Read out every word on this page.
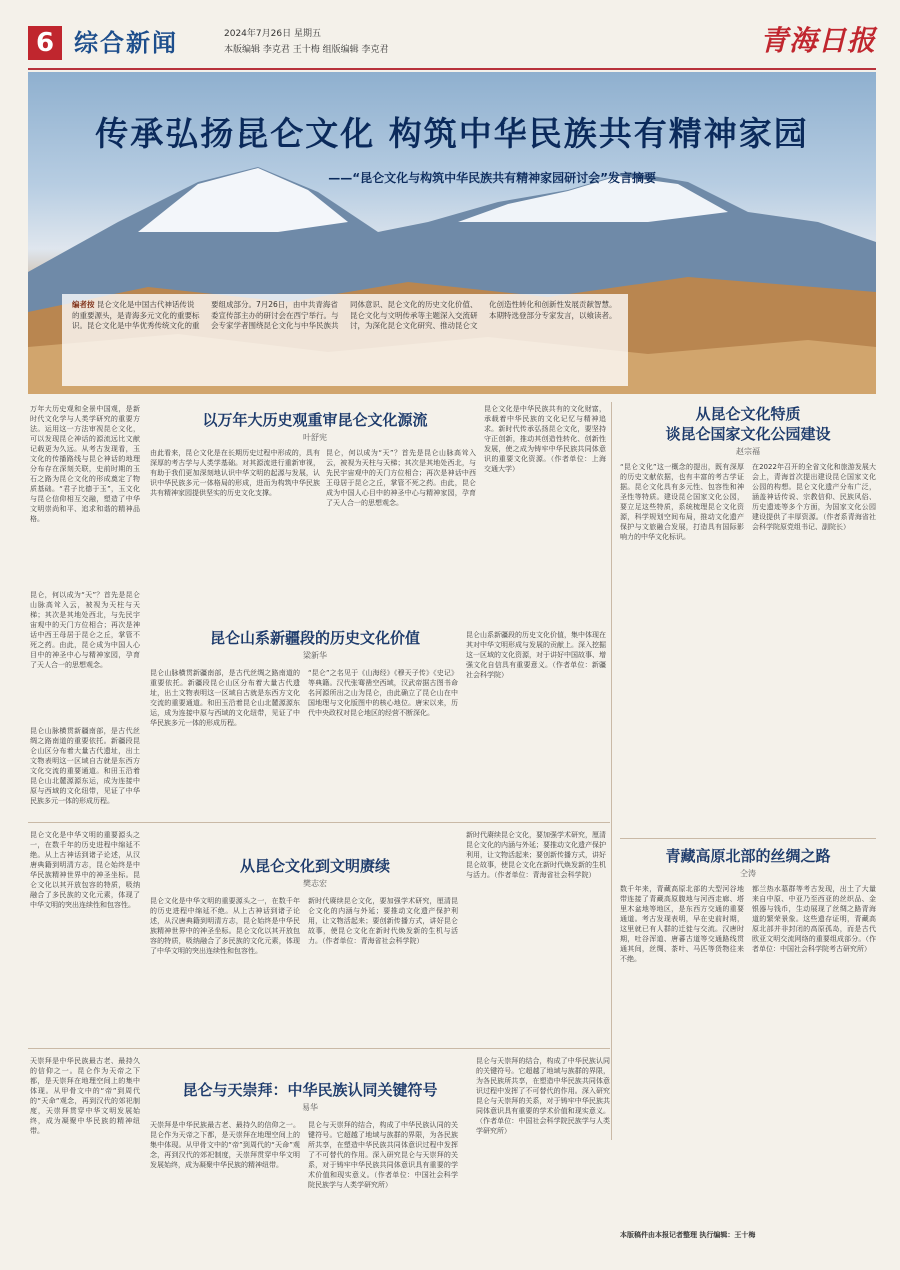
6 综合新闻	2024年7月26日 星期五
本版编辑 李克君 王十梅 组版编辑 李克君	青海日报
传承弘扬昆仑文化 构筑中华民族共有精神家园
——“昆仑文化与构筑中华民族共有精神家园研讨会”发言摘要
编者按 昆仑文化是中国古代神话传说的重要源头，是青海多元文化的重要标识。昆仑文化是中华优秀传统文化的重要组成部分。7月26日，由中共青海省委宣传部主办的研讨会在西宁举行。与会专家学者围绕昆仑文化与中华民族共同体意识、昆仑文化的历史文化价值、昆仑文化与文明传承等主题深入交流研讨，为深化昆仑文化研究、推动昆仑文化创造性转化和创新性发展贡献智慧。本期特选登部分专家发言，以飨读者。
万年大历史观和全景中国观，是新时代文化学与人类学研究的重要方法。运用这一方法审视昆仑文化，可以发现昆仑神话的源流远比文献记载更为久远。从考古发现看，玉文化的传播路线与昆仑神话的地理分布存在深刻关联，史前时期的玉石之路为昆仑文化的形成奠定了物质基础。“君子比德于玉”，玉文化与昆仑信仰相互交融，塑造了中华文明崇尚和平、追求和谐的精神品格。
以万年大历史观重审昆仑文化源流
叶舒宪
昆仑，何以成为“天”？首先是昆仑山脉高耸入云，被视为天柱与天梯；其次是其地处西北，与先民宇宙观中的天门方位相合；再次是神话中西王母居于昆仑之丘，掌管不死之药。由此，昆仑成为中国人心目中的神圣中心与精神家园，孕育了天人合一的思想观念。
由此看来，昆仑文化是在长期历史过程中形成的，具有深厚的考古学与人类学基础。对其源流进行重新审视，有助于我们更加深刻地认识中华文明的起源与发展，认识中华民族多元一体格局的形成，进而为构筑中华民族共有精神家园提供坚实的历史文化支撑。
昆仑，何以成为“天”？首先是昆仑山脉高耸入云，被视为天柱与天梯；其次是其地处西北，与先民宇宙观中的天门方位相合；再次是神话中西王母居于昆仑之丘，掌管不死之药。由此，昆仑成为中国人心目中的神圣中心与精神家园，孕育了天人合一的思想观念。
昆仑文化是中华民族共有的文化财富，承载着中华民族的文化记忆与精神追求。新时代传承弘扬昆仑文化，要坚持守正创新，推动其创造性转化、创新性发展，使之成为铸牢中华民族共同体意识的重要文化资源。（作者单位：上海交通大学）
从昆仑文化特质
谈昆仑国家文化公园建设
赵宗福
“昆仑文化”这一概念的提出，既有深厚的历史文献依据，也有丰富的考古学证据。昆仑文化具有多元性、包容性和神圣性等特质。建设昆仑国家文化公园，要立足这些特质，系统梳理昆仑文化资源，科学规划空间布局，推动文化遗产保护与文旅融合发展，打造具有国际影响力的中华文化标识。
在2022年召开的全省文化和旅游发展大会上，青海首次提出建设昆仑国家文化公园的构想。昆仑文化遗产分布广泛，涵盖神话传说、宗教信仰、民族风俗、历史遗迹等多个方面，为国家文化公园建设提供了丰厚资源。（作者系青海省社会科学院原党组书记、副院长）
昆仑山系新疆段的历史文化价值
梁新华
昆仑山脉横贯新疆南部，是古代丝绸之路南道的重要依托。新疆段昆仑山区分布着大量古代遗址，出土文物表明这一区域自古就是东西方文化交流的重要通道。和田玉沿着昆仑山北麓源源东运，成为连接中原与西域的文化纽带，见证了中华民族多元一体的形成历程。
“昆仑”之名见于《山海经》《穆天子传》《史记》等典籍。汉代张骞凿空西域，汉武帝据古图书命名河源所出之山为昆仑，由此确立了昆仑山在中国地理与文化版图中的核心地位。唐宋以来，历代中央政权对昆仑地区的经营不断深化。
昆仑山系新疆段的历史文化价值，集中体现在其对中华文明形成与发展的贡献上。深入挖掘这一区域的文化资源，对于讲好中国故事、增强文化自信具有重要意义。（作者单位：新疆社会科学院）
昆仑山脉横贯新疆南部，是古代丝绸之路南道的重要依托。新疆段昆仑山区分布着大量古代遗址，出土文物表明这一区域自古就是东西方文化交流的重要通道。和田玉沿着昆仑山北麓源源东运，成为连接中原与西域的文化纽带，见证了中华民族多元一体的形成历程。
青藏高原北部的丝绸之路
仝涛
数千年来，青藏高原北部的大型河谷地带连接了青藏高原腹地与河西走廊、塔里木盆地等地区，是东西方交通的重要通道。考古发现表明，早在史前时期，这里就已有人群的迁徙与交流。汉唐时期，吐谷浑道、唐蕃古道等交通路线贯通其间，丝绸、茶叶、马匹等货物往来不绝。
都兰热水墓群等考古发现，出土了大量来自中原、中亚乃至西亚的丝织品、金银器与钱币，生动展现了丝绸之路青海道的繁荣景象。这些遗存证明，青藏高原北部并非封闭的高原孤岛，而是古代欧亚文明交流网络的重要组成部分。（作者单位：中国社会科学院考古研究所）
从昆仑文化到文明赓续
樊志宏
昆仑文化是中华文明的重要源头之一，在数千年的历史进程中绵延不绝。从上古神话到诸子论述，从汉唐典籍到明清方志，昆仑始终是中华民族精神世界中的神圣坐标。昆仑文化以其开放包容的特质，吸纳融合了多民族的文化元素，体现了中华文明的突出连续性和包容性。	昆仑文化是中华文明的重要源头之一，在数千年的历史进程中绵延不绝。从上古神话到诸子论述，从汉唐典籍到明清方志，昆仑始终是中华民族精神世界中的神圣坐标。昆仑文化以其开放包容的特质，吸纳融合了多民族的文化元素，体现了中华文明的突出连续性和包容性。
新时代赓续昆仑文化，要加强学术研究，厘清昆仑文化的内涵与外延；要推动文化遗产保护利用，让文物活起来；要创新传播方式，讲好昆仑故事，使昆仑文化在新时代焕发新的生机与活力。（作者单位：青海省社会科学院）
新时代赓续昆仑文化，要加强学术研究，厘清昆仑文化的内涵与外延；要推动文化遗产保护利用，让文物活起来；要创新传播方式，讲好昆仑故事，使昆仑文化在新时代焕发新的生机与活力。（作者单位：青海省社会科学院）
昆仑与天崇拜：中华民族认同关键符号
易华
天崇拜是中华民族最古老、最持久的信仰之一。昆仑作为天帝之下都，是天崇拜在地理空间上的集中体现。从甲骨文中的“帝”到周代的“天命”观念，再到汉代的郊祀制度，天崇拜贯穿中华文明发展始终，成为凝聚中华民族的精神纽带。
天崇拜是中华民族最古老、最持久的信仰之一。昆仑作为天帝之下都，是天崇拜在地理空间上的集中体现。从甲骨文中的“帝”到周代的“天命”观念，再到汉代的郊祀制度，天崇拜贯穿中华文明发展始终，成为凝聚中华民族的精神纽带。
昆仑与天崇拜的结合，构成了中华民族认同的关键符号。它超越了地域与族群的界限，为各民族所共享，在塑造中华民族共同体意识过程中发挥了不可替代的作用。深入研究昆仑与天崇拜的关系，对于铸牢中华民族共同体意识具有重要的学术价值和现实意义。（作者单位：中国社会科学院民族学与人类学研究所）
昆仑与天崇拜的结合，构成了中华民族认同的关键符号。它超越了地域与族群的界限，为各民族所共享，在塑造中华民族共同体意识过程中发挥了不可替代的作用。深入研究昆仑与天崇拜的关系，对于铸牢中华民族共同体意识具有重要的学术价值和现实意义。（作者单位：中国社会科学院民族学与人类学研究所）
本版稿件由本报记者整理 执行编辑：王十梅
